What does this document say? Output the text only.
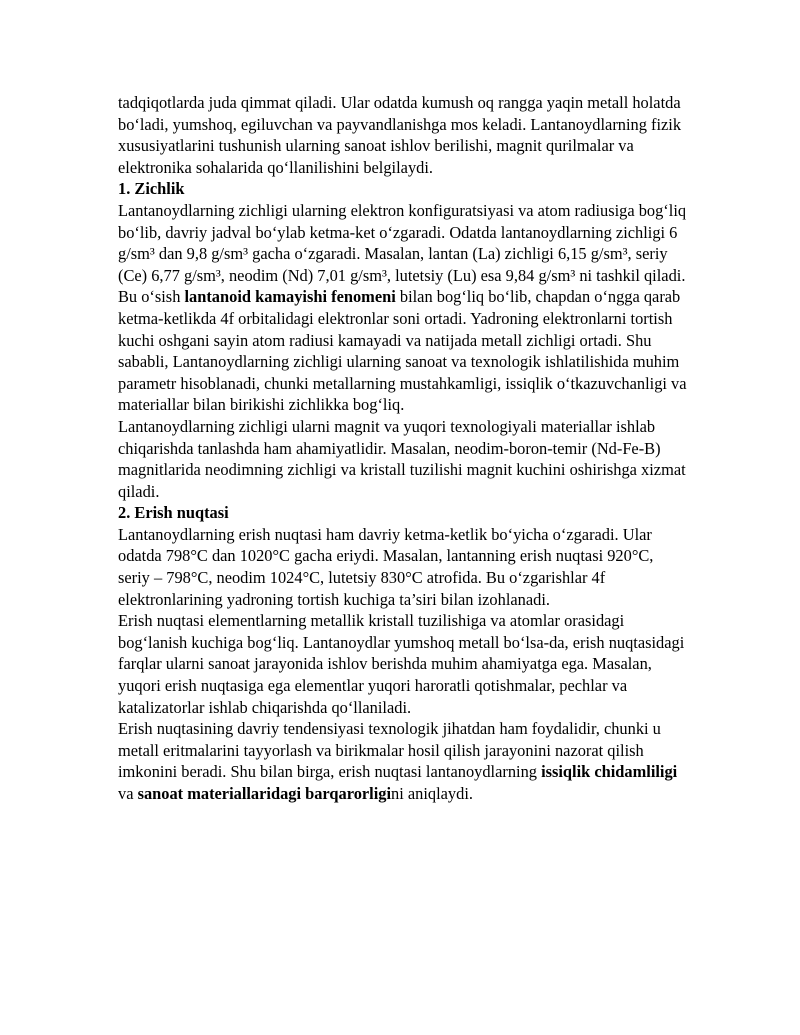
tadqiqotlarda juda qimmat qiladi. Ular odatda kumush oq rangga yaqin metall holatda bo‘ladi, yumshoq, egiluvchan va payvandlanishga mos keladi. Lantanoydlarning fizik xususiyatlarini tushunish ularning sanoat ishlov berilishi, magnit qurilmalar va elektronika sohalarida qo‘llanilishini belgilaydi.

1. Zichlik

Lantanoydlarning zichligi ularning elektron konfiguratsiyasi va atom radiusiga bog‘liq bo‘lib, davriy jadval bo‘ylab ketma-ket o‘zgaradi. Odatda lantanoydlarning zichligi 6 g/sm³ dan 9,8 g/sm³ gacha o‘zgaradi. Masalan, lantan (La) zichligi 6,15 g/sm³, seriy (Ce) 6,77 g/sm³, neodim (Nd) 7,01 g/sm³, lutetsiy (Lu) esa 9,84 g/sm³ ni tashkil qiladi.

Bu o‘sish lantanoid kamayishi fenomeni bilan bog‘liq bo‘lib, chapdan o‘ngga qarab ketma-ketlikda 4f orbitalidagi elektronlar soni ortadi. Yadroning elektronlarni tortish kuchi oshgani sayin atom radiusi kamayadi va natijada metall zichligi ortadi. Shu sababli, Lantanoydlarning zichligi ularning sanoat va texnologik ishlatilishida muhim parametr hisoblanadi, chunki metallarning mustahkamligi, issiqlik o‘tkazuvchanligi va materiallar bilan birikishi zichlikka bog‘liq.

Lantanoydlarning zichligi ularni magnit va yuqori texnologiyali materiallar ishlab chiqarishda tanlashda ham ahamiyatlidir. Masalan, neodim-boron-temir (Nd-Fe-B) magnitlarida neodimning zichligi va kristall tuzilishi magnit kuchini oshirishga xizmat qiladi.

2. Erish nuqtasi

Lantanoydlarning erish nuqtasi ham davriy ketma-ketlik bo‘yicha o‘zgaradi. Ular odatda 798°C dan 1020°C gacha eriydi. Masalan, lantanning erish nuqtasi 920°C, seriy – 798°C, neodim 1024°C, lutetsiy 830°C atrofida. Bu o‘zgarishlar 4f elektronlarining yadroning tortish kuchiga ta’siri bilan izohlanadi.

Erish nuqtasi elementlarning metallik kristall tuzilishiga va atomlar orasidagi bog‘lanish kuchiga bog‘liq. Lantanoydlar yumshoq metall bo‘lsa-da, erish nuqtasidagi farqlar ularni sanoat jarayonida ishlov berishda muhim ahamiyatga ega. Masalan, yuqori erish nuqtasiga ega elementlar yuqori haroratli qotishmalar, pechlar va katalizatorlar ishlab chiqarishda qo‘llaniladi.

Erish nuqtasining davriy tendensiyasi texnologik jihatdan ham foydalidir, chunki u metall eritmalarini tayyorlash va birikmalar hosil qilish jarayonini nazorat qilish imkonini beradi. Shu bilan birga, erish nuqtasi lantanoydlarning issiqlik chidamliligi va sanoat materiallaridagi barqarorligini aniqlaydi.
